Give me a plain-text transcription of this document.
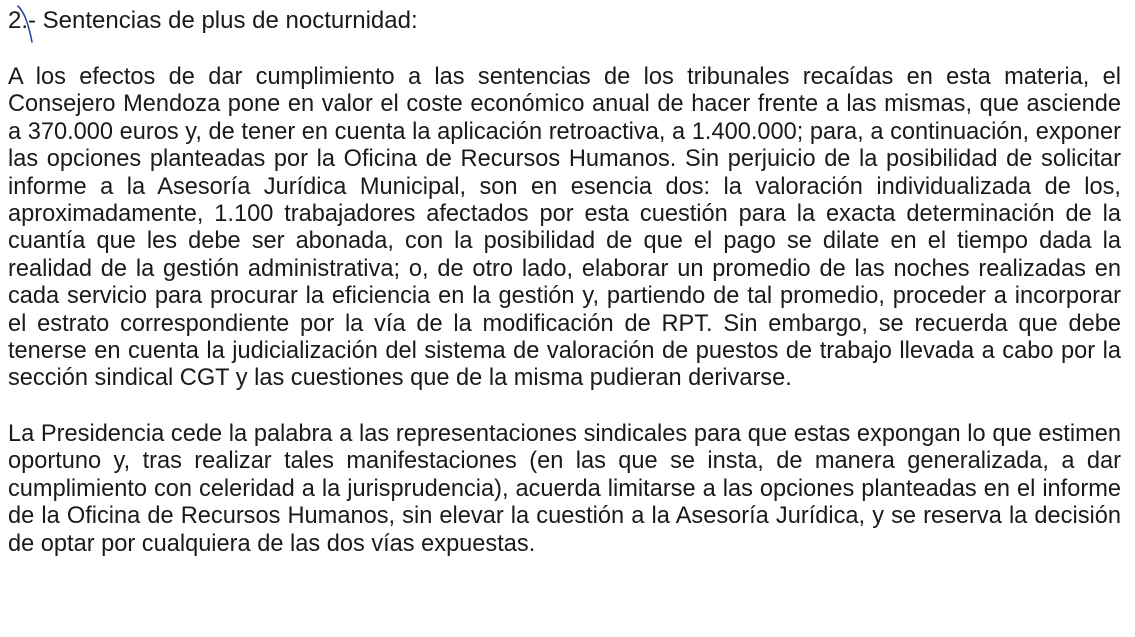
2.- Sentencias de plus de nocturnidad:

A los efectos de dar cumplimiento a las sentencias de los tribunales recaídas en esta materia, el Consejero Mendoza pone en valor el coste económico anual de hacer frente a las mismas, que asciende a 370.000 euros y, de tener en cuenta la aplicación retroactiva, a 1.400.000; para, a continuación, exponer las opciones planteadas por la Oficina de Recursos Humanos. Sin perjuicio de la posibilidad de solicitar informe a la Asesoría Jurídica Municipal, son en esencia dos: la valoración individualizada de los, aproximadamente, 1.100 trabajadores afectados por esta cuestión para la exacta determinación de la cuantía que les debe ser abonada, con la posibilidad de que el pago se dilate en el tiempo dada la realidad de la gestión administrativa; o, de otro lado, elaborar un promedio de las noches realizadas en cada servicio para procurar la eficiencia en la gestión y, partiendo de tal promedio, proceder a incorporar el estrato correspondiente por la vía de la modificación de RPT. Sin embargo, se recuerda que debe tenerse en cuenta la judicialización del sistema de valoración de puestos de trabajo llevada a cabo por la sección sindical CGT y las cuestiones que de la misma pudieran derivarse.

La Presidencia cede la palabra a las representaciones sindicales para que estas expongan lo que estimen oportuno y, tras realizar tales manifestaciones (en las que se insta, de manera generalizada, a dar cumplimiento con celeridad a la jurisprudencia), acuerda limitarse a las opciones planteadas en el informe de la Oficina de Recursos Humanos, sin elevar la cuestión a la Asesoría Jurídica, y se reserva la decisión de optar por cualquiera de las dos vías expuestas.
